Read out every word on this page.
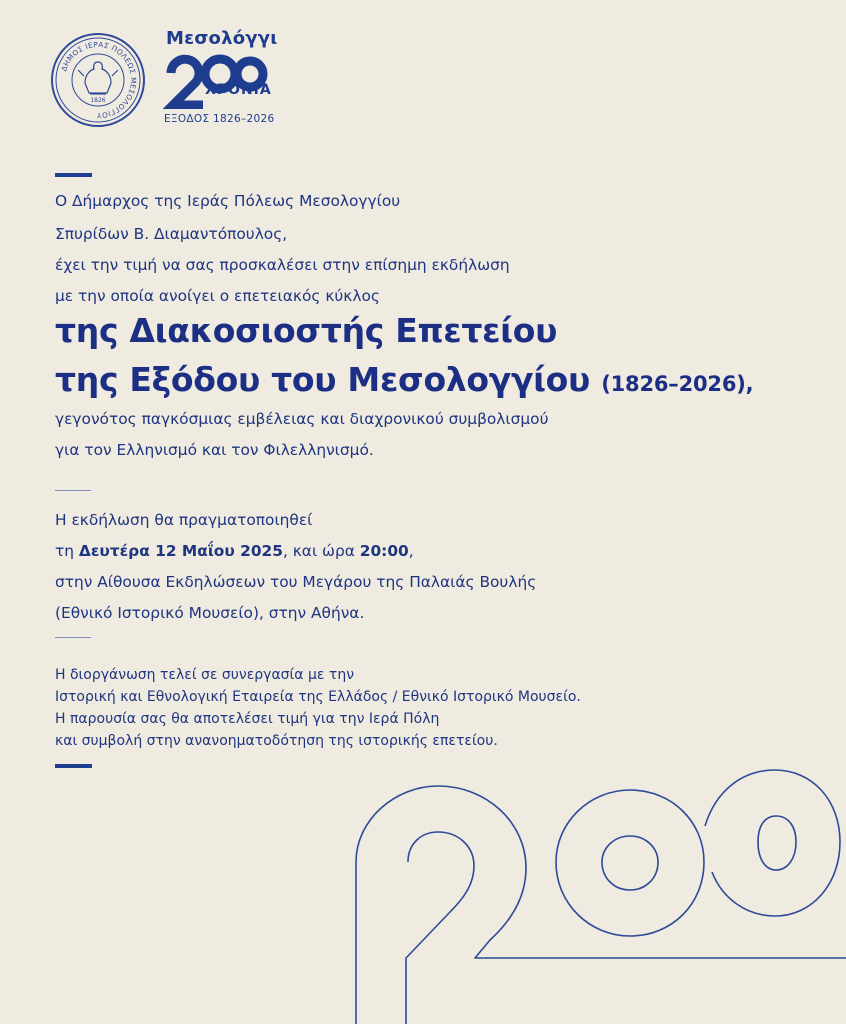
ΔΗΜΟΣ ΙΕΡΑΣ ΠΟΛΕΩΣ ΜΕΣΟΛΟΓΓΙΟΥ
1826
Μεσολόγγι
ΧΡΟΝΙΑ
ΕΞΟΔΟΣ 1826–2026
Ο Δήμαρχος της Ιεράς Πόλεως Μεσολογγίου
Σπυρίδων Β. Διαμαντόπουλος,
έχει την τιμή να σας προσκαλέσει στην επίσημη εκδήλωση
με την οποία ανοίγει ο επετειακός κύκλος
της Διακοσιοστής Επετείου
της Εξόδου του Μεσολογγίου (1826–2026),
γεγονότος παγκόσμιας εμβέλειας και διαχρονικού συμβολισμού
για τον Ελληνισμό και τον Φιλελληνισμό.
Η εκδήλωση θα πραγματοποιηθεί
τη Δευτέρα 12 Μαΐου 2025, και ώρα 20:00,
στην Αίθουσα Εκδηλώσεων του Μεγάρου της Παλαιάς Βουλής
(Εθνικό Ιστορικό Μουσείο), στην Αθήνα.
Η διοργάνωση τελεί σε συνεργασία με την
Ιστορική και Εθνολογική Εταιρεία της Ελλάδος / Εθνικό Ιστορικό Μουσείο.
Η παρουσία σας θα αποτελέσει τιμή για την Ιερά Πόλη
και συμβολή στην ανανοηματοδότηση της ιστορικής επετείου.
